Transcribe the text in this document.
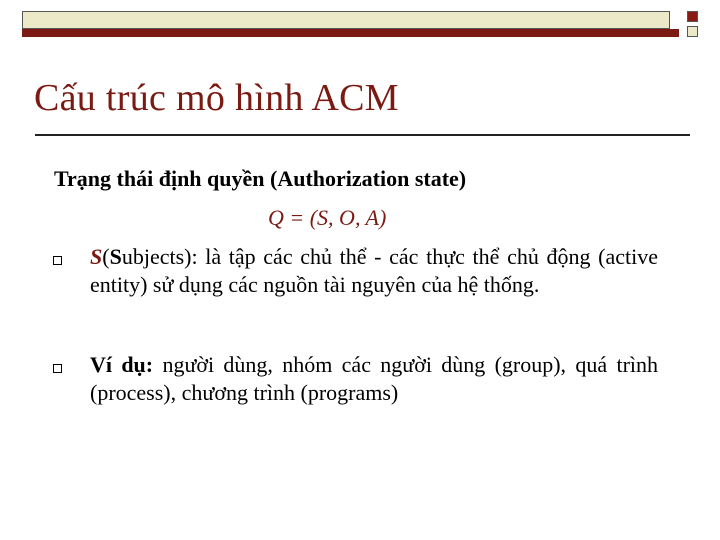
Cấu trúc mô hình ACM
Trạng thái định quyền (Authorization state)
Q = (S, O, A)
S(Subjects): là tập các chủ thể - các thực thể chủ động (active entity) sử dụng các nguồn tài nguyên của hệ thống.
Ví dụ: người dùng, nhóm các người dùng (group), quá trình (process), chương trình (programs)
